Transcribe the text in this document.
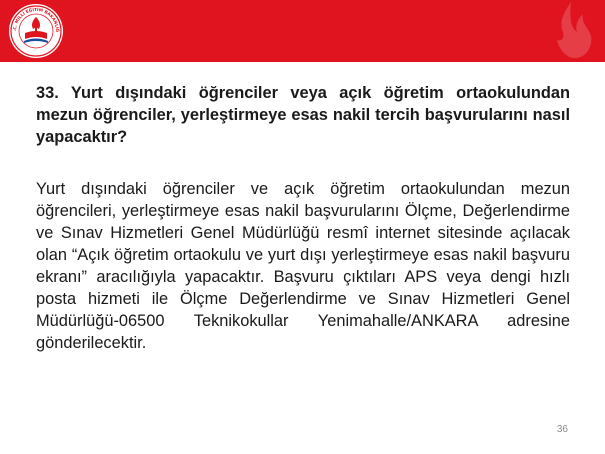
.C. MİLLİ EĞİTİM BAKANLIĞ

33. Yurt dışındaki öğrenciler veya açık öğretim ortaokulundan mezun öğrenciler, yerleştirmeye esas nakil tercih başvurularını nasıl yapacaktır?

Yurt dışındaki öğrenciler ve açık öğretim ortaokulundan mezun öğrencileri, yerleştirmeye esas nakil başvurularını Ölçme, Değerlendirme ve Sınav Hizmetleri Genel Müdürlüğü resmî internet sitesinde açılacak olan “Açık öğretim ortaokulu ve yurt dışı yerleştirmeye esas nakil başvuru ekranı” aracılığıyla yapacaktır. Başvuru çıktıları APS veya dengi hızlı posta hizmeti ile Ölçme Değerlendirme ve Sınav Hizmetleri Genel Müdürlüğü-06500 Teknikokullar Yenimahalle/ANKARA adresine gönderilecektir.

36
